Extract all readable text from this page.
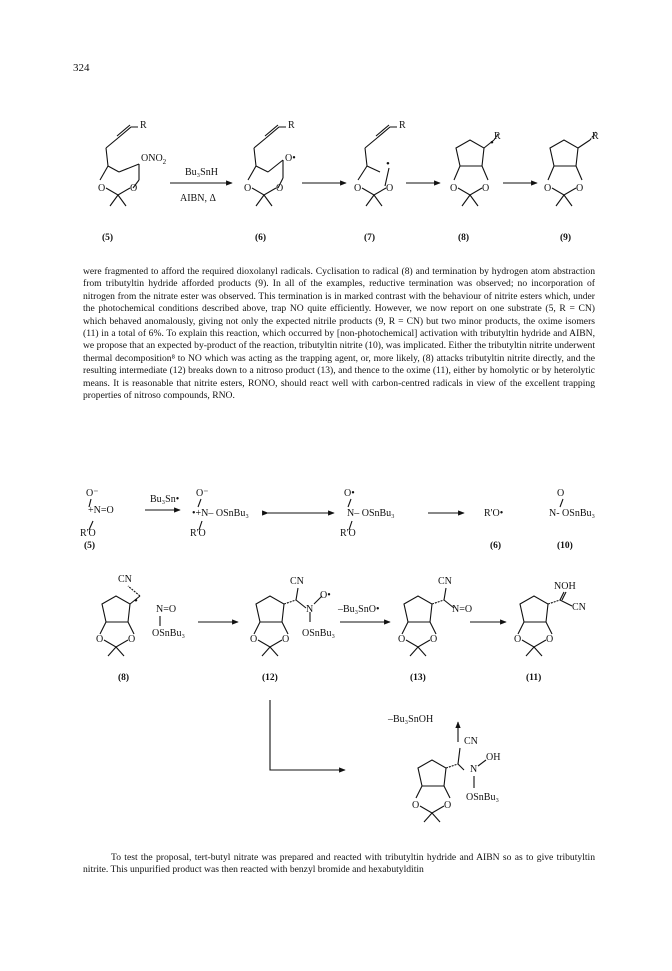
324
R	R	R
R	R
$ONO_2$	O•	•
•
Bu₃SnH
AIBN, Δ
O O	O O	O O	O O	O O
(5)	(6)	(7)	(8)	(9)

were fragmented to afford the required dioxolanyl radicals. Cyclisation to radical (8) and termination by hydrogen atom abstraction from tributyltin hydride afforded products (9). In all of the examples, reductive termination was observed; no incorporation of nitrogen from the nitrate ester was observed. This termination is in marked contrast with the behaviour of nitrite esters which, under the photochemical conditions described above, trap NO quite efficiently. However, we now report on one substrate (5, R = CN) which behaved anomalously, giving not only the expected nitrile products (9, R = CN) but two minor products, the oxime isomers (11) in a total of 6%. To explain this reaction, which occurred by [non-photochemical] activation with tributyltin hydride and AIBN, we propose that an expected by-product of the reaction, tributyltin nitrite (10), was implicated. Either the tributyltin nitrite underwent thermal decomposition⁸ to NO which was acting as the trapping agent, or, more likely, (8) attacks tributyltin nitrite directly, and the resulting intermediate (12) breaks down to a nitroso product (13), and thence to the oxime (11), either by homolytic or by heterolytic means. It is reasonable that nitrite esters, RONO, should react well with carbon-centred radicals in view of the excellent trapping properties of nitroso compounds, RNO.

O⁻
+N=O
R'O
Bu₃Sn•
O⁻
•+N– OSnBu₃
R'O
O•
N– OSnBu₃
R'O
R'O•
O
N- OSnBu₃
(5)	(6)	(10)
CN
•
N=O
OSnBu₃
O O
CN
N
O•
OSnBu₃
O O
–Bu₃SnO•
CN
N=O
O O
NOH
CN
O O
–Bu₃SnOH
CN
N
OH
OSnBu₃
O O
(8)	(12)	(13)	(11)

To test the proposal, tert-butyl nitrate was prepared and reacted with tributyltin hydride and AIBN so as to give tributyltin nitrite. This unpurified product was then reacted with benzyl bromide and hexabutylditin
